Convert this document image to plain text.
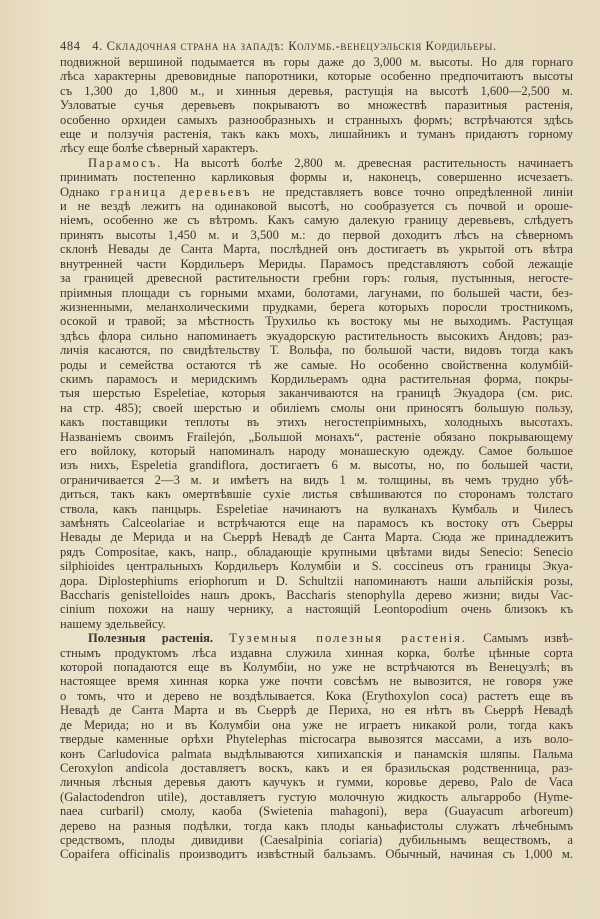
484 4. Складочная страна на западѣ: Колумб.-венецуэльскія Кордильеры.
подвижной вершиной подымается въ горы даже до 3,000 м. высоты. Но для горнаго
лѣса характерны древовидные папоротники, которые особенно предпочитаютъ высоты
съ 1,300 до 1,800 м., и хинныя деревья, растущія на высотѣ 1,600—2,500 м.
Узловатые сучья деревьевъ покрываютъ во множествѣ паразитныя растенія,
особенно орхидеи самыхъ разнообразныхъ и странныхъ формъ; встрѣчаются здѣсь
еще и ползучія растенія, такъ какъ мохъ, лишайникъ и туманъ придаютъ горному
лѣсу еще болѣе сѣверный характеръ.
Парамосъ. На высотѣ болѣе 2,800 м. древесная растительность начинаетъ
принимать постепенно карликовыя формы и, наконецъ, совершенно исчезаетъ.
Однако граница деревьевъ не представляетъ вовсе точно опредѣленной линіи
и не вездѣ лежитъ на одинаковой высотѣ, но сообразуется съ почвой и ороше-
ніемъ, особенно же съ вѣтромъ. Какъ самую далекую границу деревьевъ, слѣдуетъ
принять высоты 1,450 м. и 3,500 м.: до первой доходитъ лѣсъ на сѣверномъ
склонѣ Невады де Санта Марта, послѣдней онъ достигаетъ въ укрытой отъ вѣтра
внутренней части Кордильеръ Мериды. Парамосъ представляютъ собой лежащіе
за границей древесной растительности гребни горъ: голыя, пустынныя, негосте-
пріимныя площади съ горными мхами, болотами, лагунами, по большей части, без-
жизненными, меланхолическими прудками, берега которыхъ поросли тростникомъ,
осокой и травой; за мѣстность Трухильо къ востоку мы не выходимъ. Растущая
здѣсь флора сильно напоминаетъ экуадорскую растительность высокихъ Андовъ; раз-
личія касаются, по свидѣтельству Т. Вольфа, по большой части, видовъ тогда какъ
роды и семейства остаются тѣ же самые. Но особенно свойственна колумбій-
скимъ парамосъ и меридскимъ Кордильерамъ одна растительная форма, покры-
тыя шерстью Espeletiae, которыя заканчиваются на границѣ Экуадора (см. рис.
на стр. 485); своей шерстью и обиліемъ смолы они приносятъ большую пользу,
какъ поставщики теплоты въ этихъ негостепріимныхъ, холодныхъ высотахъ.
Названіемъ своимъ Frailejón, „Большой монахъ“, растеніе обязано покрывающему
его войлоку, который напоминалъ народу монашескую одежду. Самое большое
изъ нихъ, Espeletia grandiflora, достигаетъ 6 м. высоты, но, по большей части,
ограничивается 2—3 м. и имѣетъ на видъ 1 м. толщины, въ чемъ трудно убѣ-
диться, такъ какъ омертвѣвшіе сухіе листья свѣшиваются по сторонамъ толстаго
ствола, какъ панцырь. Espeletiae начинаютъ на вулканахъ Кумбаль и Чилесъ
замѣнять Calceolariae и встрѣчаются еще на парамосъ къ востоку отъ Сьерры
Невады де Мерида и на Сьеррѣ Невадѣ де Санта Марта. Сюда же принадлежитъ
рядъ Compositae, какъ, напр., обладающіе крупными цвѣтами виды Senecio: Senecio
silphioides центральныхъ Кордильеръ Колумбіи и S. coccineus отъ границы Экуа-
дора. Diplostephiums eriophorum и D. Schultzii напоминаютъ наши альпійскія розы,
Baccharis genistelloides нашъ дрокъ, Baccharis stenophylla дерево жизни; виды Vac-
cinium похожи на нашу чернику, а настоящій Leontopodium очень близокъ къ
нашему эдельвейсу.
Полезныя растенія. Туземныя полезныя растенія. Самымъ извѣ-
стнымъ продуктомъ лѣса издавна служила хинная корка, болѣе цѣнные сорта
которой попадаются еще въ Колумбіи, но уже не встрѣчаются въ Венецуэлѣ; въ
настоящее время хинная корка уже почти совсѣмъ не вывозится, не говоря уже
о томъ, что и дерево не воздѣлывается. Кока (Erythoxylon coca) растетъ еще въ
Невадѣ де Санта Марта и въ Сьеррѣ де Периха́, но ея нѣтъ въ Сьеррѣ Невадѣ
де Мерида; но и въ Колумбіи она уже не играетъ никакой роли, тогда какъ
твердые каменные орѣхи Phytelephas microcarpa вывозятся массами, а изъ воло-
конъ Carludovica palmata выдѣлываются хипихапскія и панамскія шляпы. Пальма
Ceroxylon andicola доставляетъ воскъ, какъ и ея бразильская родственница, раз-
личныя лѣсныя деревья даютъ каучукъ и гумми, коровье дерево, Palo de Vaca
(Galactodendron utile), доставляетъ густую молочную жидкость альгарробо (Hyme-
naea curbaril) смолу, каоба (Swietenia mahagoni), вера (Guayacum arboreum)
дерево на разныя подѣлки, тогда какъ плоды каньафистолы служатъ лѣчебнымъ
средствомъ, плоды дивидиви (Caesalpinia coriaria) дубильнымъ веществомъ, а
Copaifera officinalis производитъ извѣстный бальзамъ. Обычный, начиная съ 1,000 м.
